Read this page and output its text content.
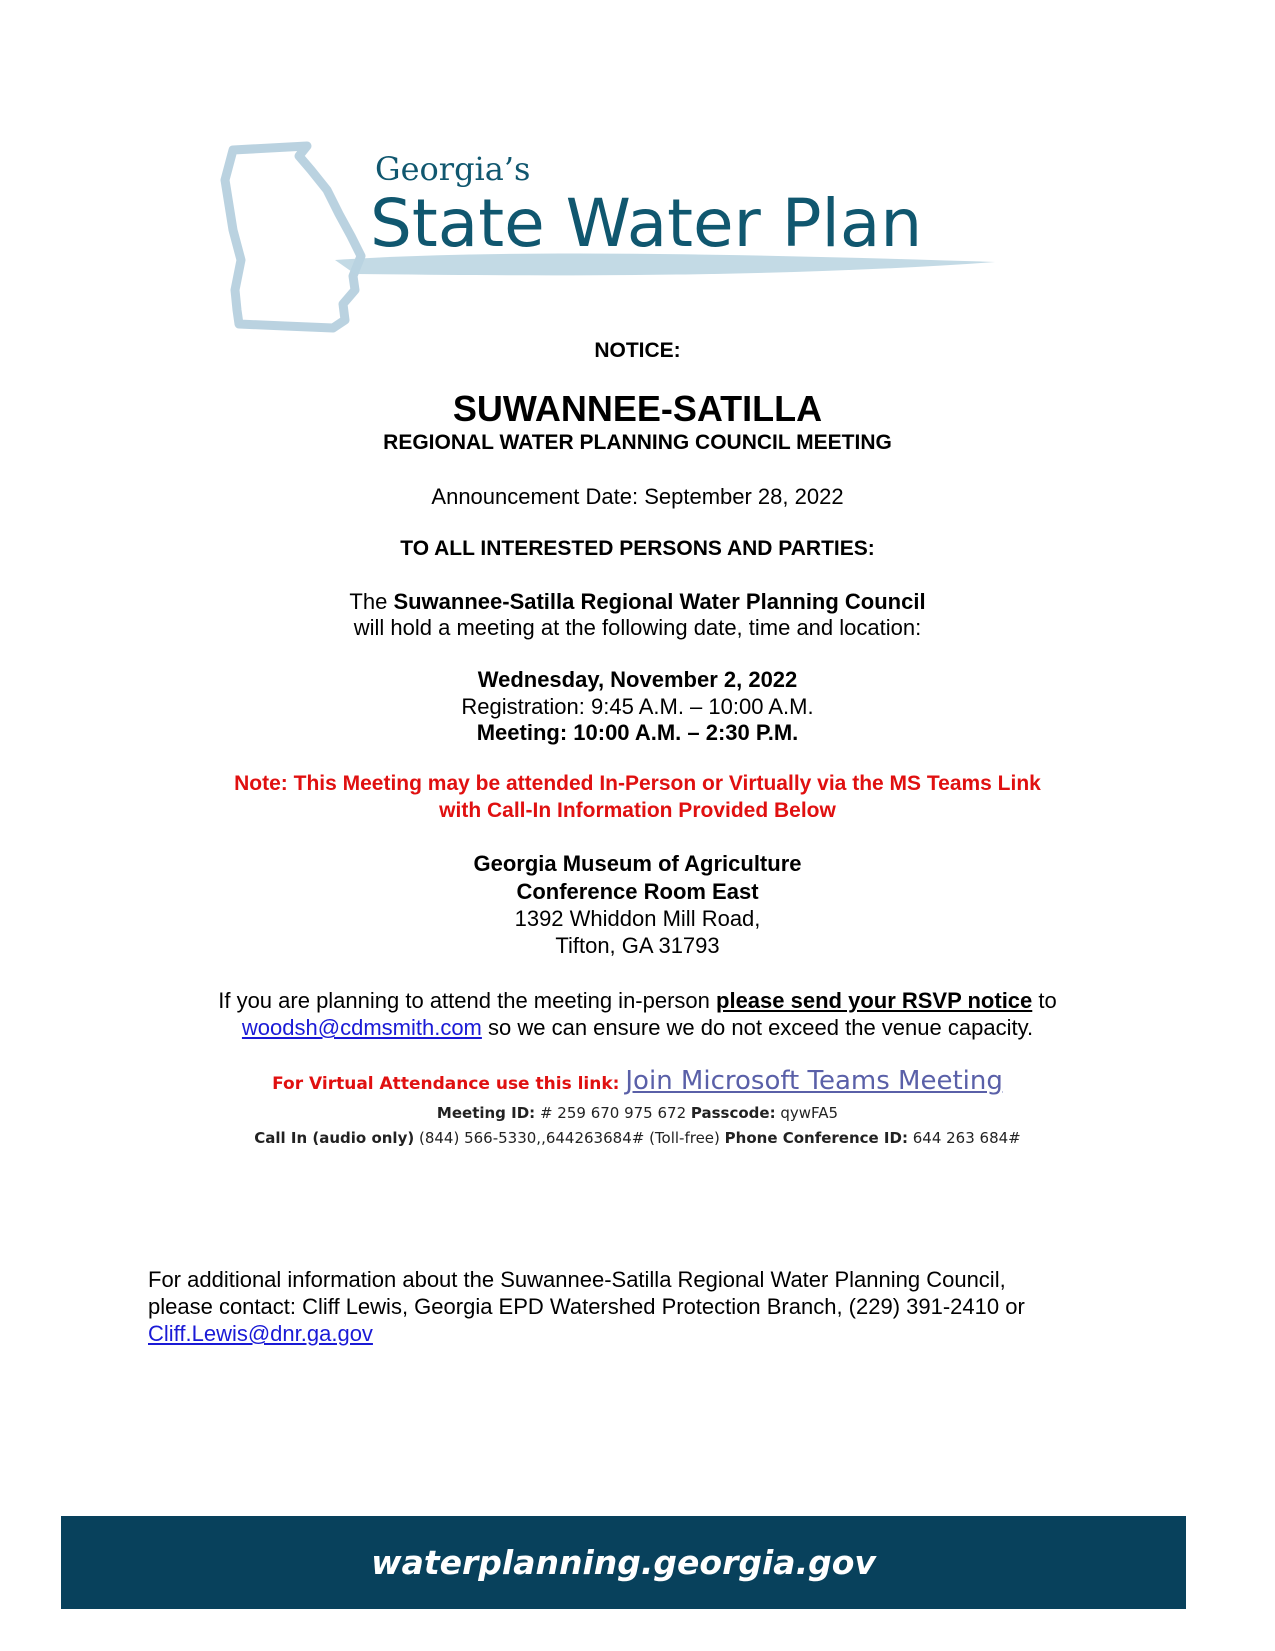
Georgia’s
State Water Plan
NOTICE:
SUWANNEE-SATILLA
REGIONAL WATER PLANNING COUNCIL MEETING
Announcement Date: September 28, 2022
TO ALL INTERESTED PERSONS AND PARTIES:
The Suwannee-Satilla Regional Water Planning Council
will hold a meeting at the following date, time and location:
Wednesday, November 2, 2022
Registration: 9:45 A.M. – 10:00 A.M.
Meeting: 10:00 A.M. – 2:30 P.M.
Note: This Meeting may be attended In-Person or Virtually via the MS Teams Link
with Call-In Information Provided Below
Georgia Museum of Agriculture
Conference Room East
1392 Whiddon Mill Road,
Tifton, GA 31793
If you are planning to attend the meeting in-person please send your RSVP notice to
woodsh@cdmsmith.com so we can ensure we do not exceed the venue capacity.
For Virtual Attendance use this link: Join Microsoft Teams Meeting
Meeting ID: # 259 670 975 672 Passcode: qywFA5
Call In (audio only) (844) 566-5330,,644263684# (Toll-free) Phone Conference ID: 644 263 684#
For additional information about the Suwannee-Satilla Regional Water Planning Council,
please contact: Cliff Lewis, Georgia EPD Watershed Protection Branch, (229) 391-2410 or
Cliff.Lewis@dnr.ga.gov
waterplanning.georgia.gov
